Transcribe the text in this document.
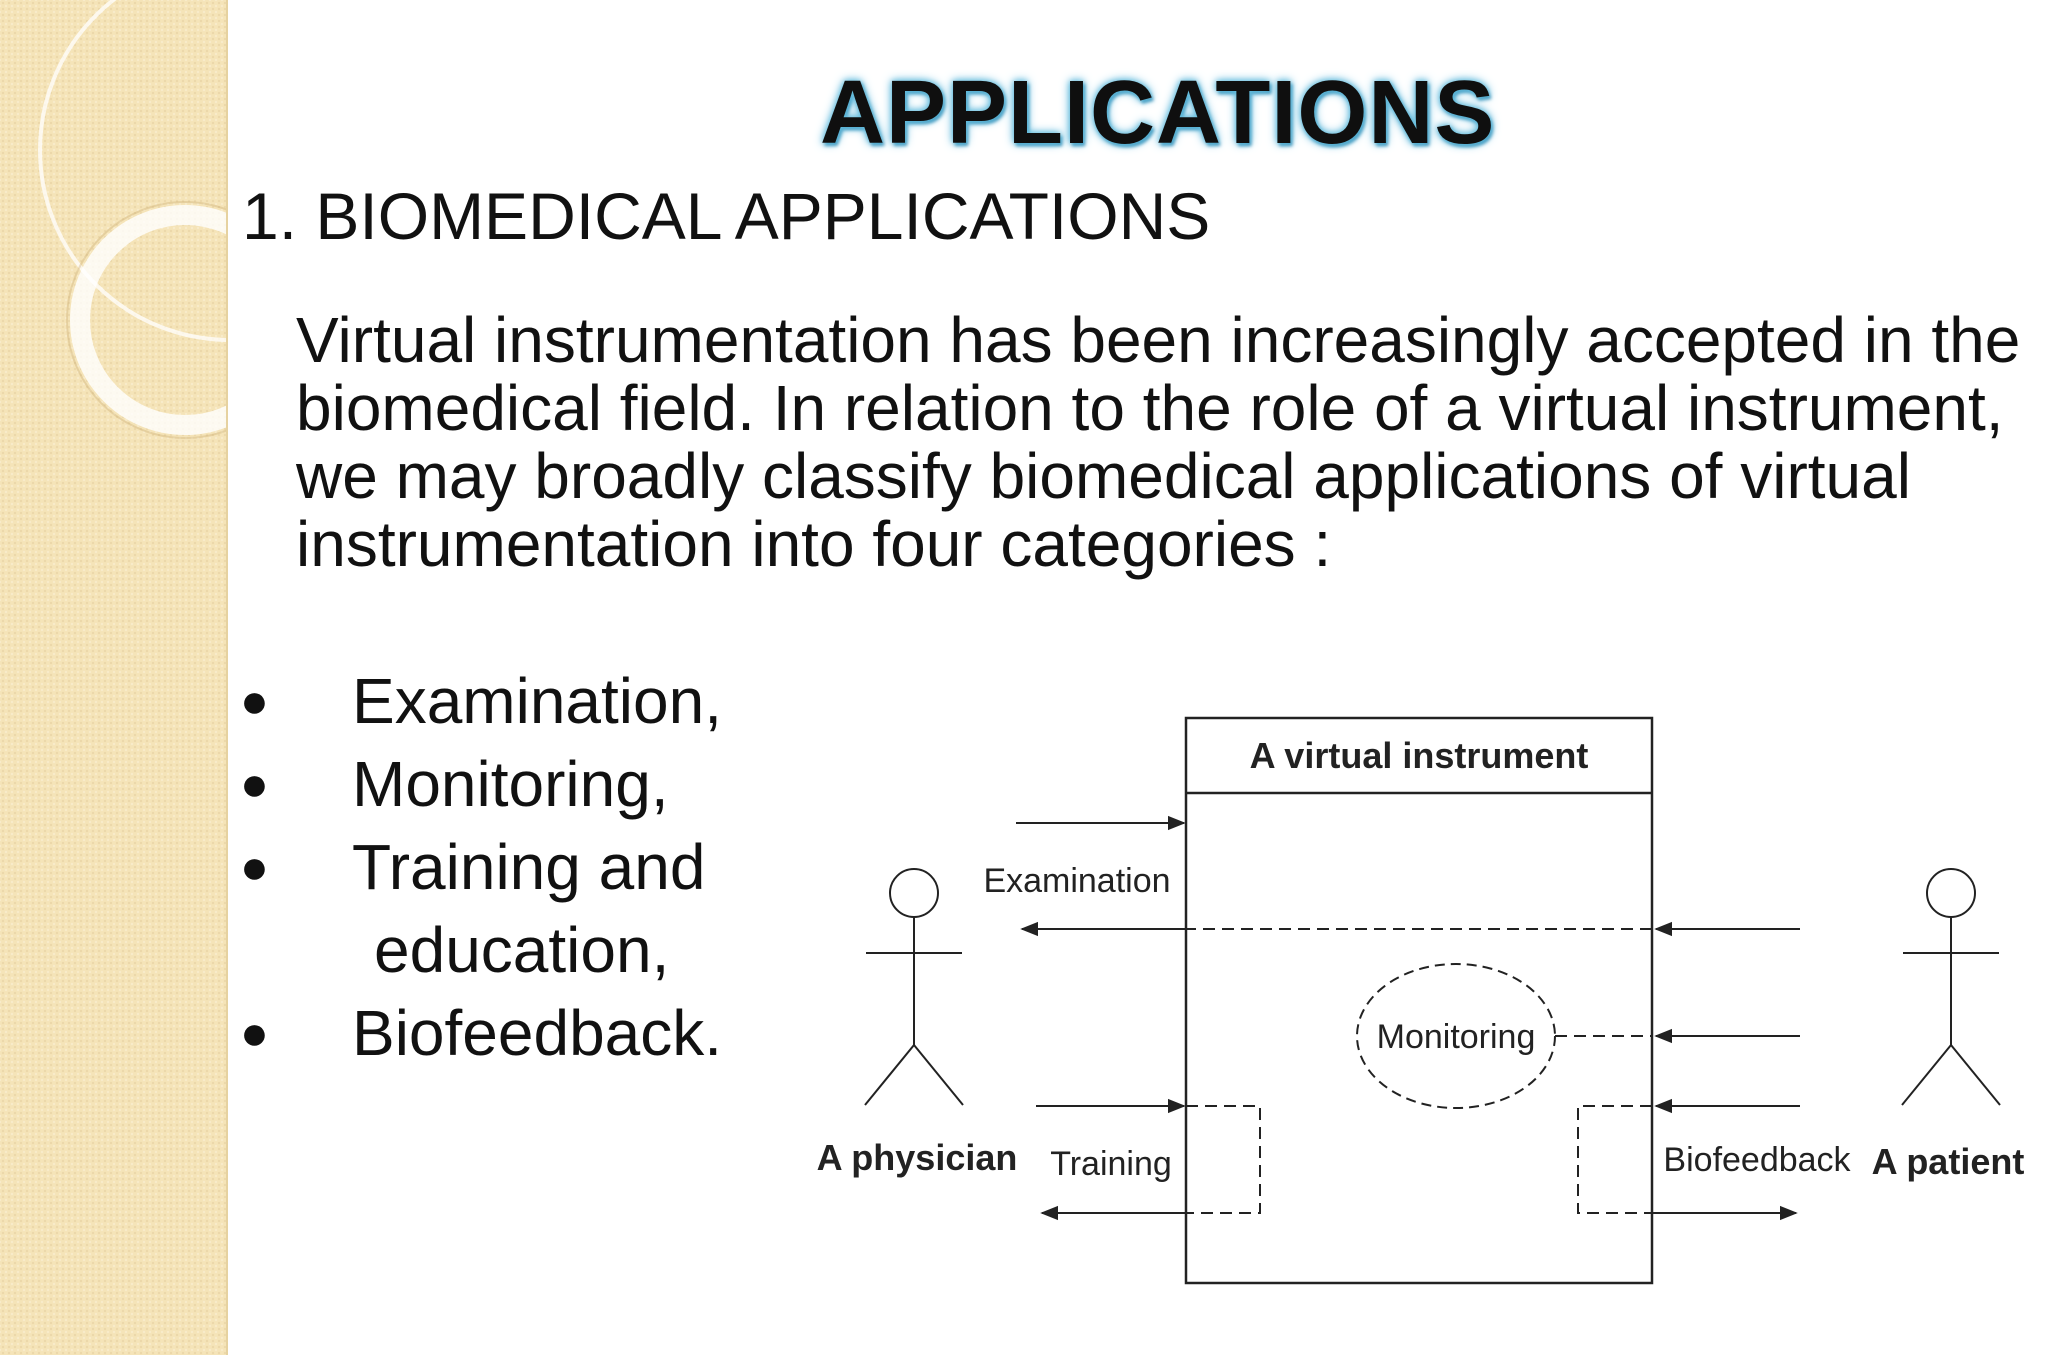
APPLICATIONS
1. BIOMEDICAL APPLICATIONS

Virtual instrumentation has been increasingly accepted in the biomedical field. In relation to the role of a virtual instrument, we may broadly classify biomedical applications of virtual instrumentation into four categories :

● Examination,
● Monitoring,
● Training and
education,
● Biofeedback.
A virtual instrument
A physician	A patient
Examination
Monitoring
Training	Biofeedback
